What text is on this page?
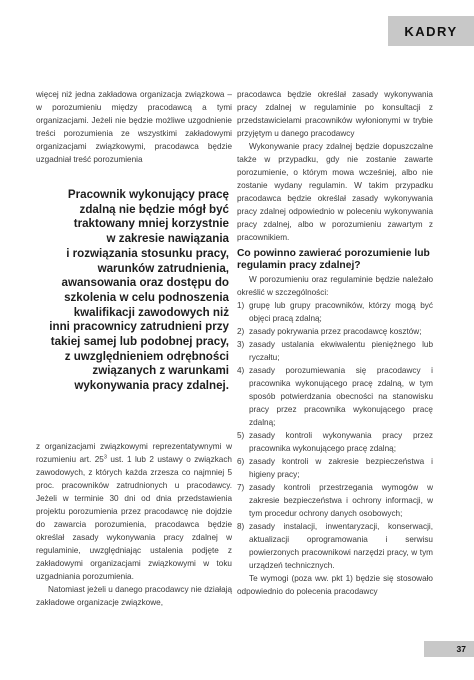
KADRY

więcej niż jedna zakładowa organizacja związkowa – w porozumieniu między pracodawcą a tymi organizacjami. Jeżeli nie będzie możliwe uzgodnienie treści porozumienia ze wszystkimi zakładowymi organizacjami związkowymi, pracodawca będzie uzgadniał treść porozumienia

Pracownik wykonujący pracę
zdalną nie będzie mógł być
traktowany mniej korzystnie
w zakresie nawiązania
i rozwiązania stosunku pracy,
warunków zatrudnienia,
awansowania oraz dostępu do
szkolenia w celu podnoszenia
kwalifikacji zawodowych niż
inni pracownicy zatrudnieni przy
takiej samej lub podobnej pracy,
z uwzględnieniem odrębności
związanych z warunkami
wykonywania pracy zdalnej.

z organizacjami związkowymi reprezentatywnymi w rozumieniu art. $25^3$ ust. 1 lub 2 ustawy o związkach zawodowych, z których każda zrzesza co najmniej 5 proc. pracowników zatrudnionych u pracodawcy. Jeżeli w terminie 30 dni od dnia przedstawienia projektu porozumienia przez pracodawcę nie dojdzie do zawarcia porozumienia, pracodawca będzie określał zasady wykonywania pracy zdalnej w regulaminie, uwzględniając ustalenia podjęte z zakładowymi organizacjami związkowymi w toku uzgadniania porozumienia.

Natomiast jeżeli u danego pracodawcy nie działają zakładowe organizacje związkowe,

pracodawca będzie określał zasady wykonywania pracy zdalnej w regulaminie po konsultacji z przedstawicielami pracowników wyłonionymi w trybie przyjętym u danego pracodawcy

Wykonywanie pracy zdalnej będzie dopuszczalne także w przypadku, gdy nie zostanie zawarte porozumienie, o którym mowa wcześniej, albo nie zostanie wydany regulamin. W takim przypadku pracodawca będzie określał zasady wykonywania pracy zdalnej odpowiednio w poleceniu wykonywania pracy zdalnej, albo w porozumieniu zawartym z pracownikiem.

Co powinno zawierać porozumienie lub regulamin pracy zdalnej?

W porozumieniu oraz regulaminie będzie należało określić w szczególności:

1) grupę lub grupy pracowników, którzy mogą być objęci pracą zdalną;
2) zasady pokrywania przez pracodawcę kosztów;
3) zasady ustalania ekwiwalentu pieniężnego lub ryczałtu;
4) zasady porozumiewania się pracodawcy i pracownika wykonującego pracę zdalną, w tym sposób potwierdzania obecności na stanowisku pracy przez pracownika wykonującego pracę zdalną;
5) zasady kontroli wykonywania pracy przez pracownika wykonującego pracę zdalną;
6) zasady kontroli w zakresie bezpieczeństwa i higieny pracy;
7) zasady kontroli przestrzegania wymogów w zakresie bezpieczeństwa i ochrony informacji, w tym procedur ochrony danych osobowych;
8) zasady instalacji, inwentaryzacji, konserwacji, aktualizacji oprogramowania i serwisu powierzonych pracownikowi narzędzi pracy, w tym urządzeń technicznych.

Te wymogi (poza ww. pkt 1) będzie się stosowało odpowiednio do polecenia pracodawcy

37
